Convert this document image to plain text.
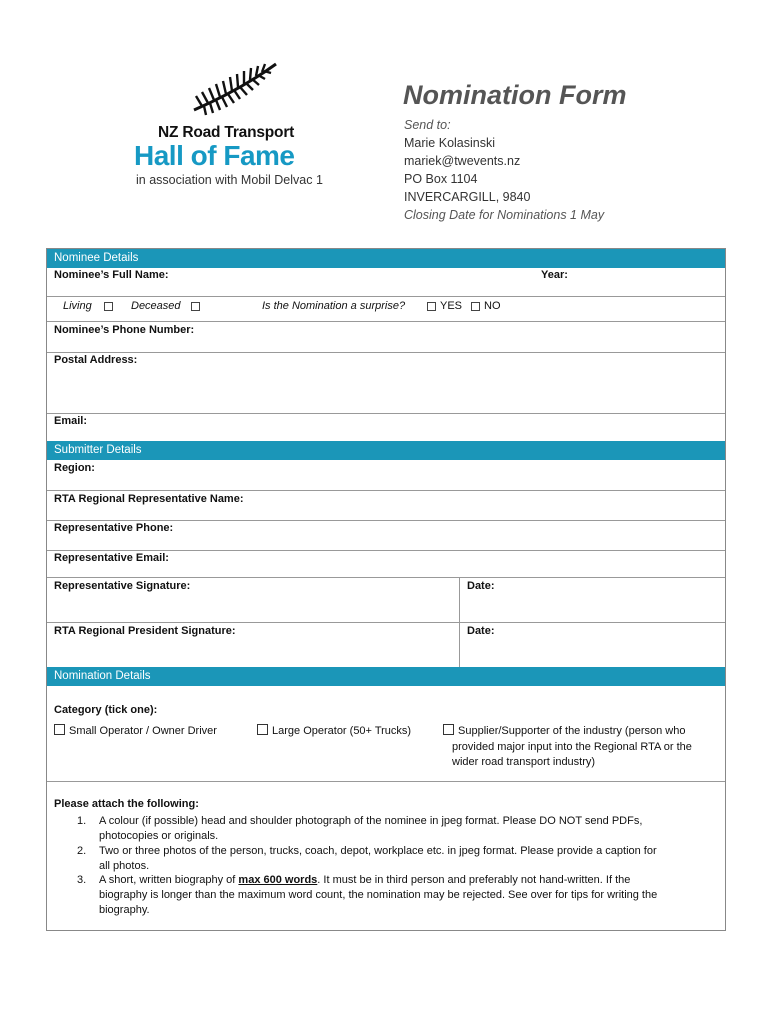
NZ Road Transport
Hall of Fame
in association with Mobil Delvac 1
Nomination Form
Send to:
Marie Kolasinski
mariek@twevents.nz
PO Box 1104
INVERCARGILL, 9840
Closing Date for Nominations 1 May
Nominee Details
Nominee’s Full Name:	Year:
Living	Deceased	Is the Nomination a surprise?	YES	NO
Nominee’s Phone Number:
Postal Address:
Email:
Submitter Details
Region:
RTA Regional Representative Name:
Representative Phone:
Representative Email:
Representative Signature:	Date:
RTA Regional President Signature:	Date:
Nomination Details
Category (tick one):
Small Operator / Owner Driver	Large Operator (50+ Trucks)	Supplier/Supporter of the industry (person who
provided major input into the Regional RTA or the
wider road transport industry)
Please attach the following:
1. A colour (if possible) head and shoulder photograph of the nominee in jpeg format. Please DO NOT send PDFs,
photocopies or originals.
2. Two or three photos of the person, trucks, coach, depot, workplace etc. in jpeg format. Please provide a caption for
all photos.
3. A short, written biography of max 600 words. It must be in third person and preferably not hand-written. If the
biography is longer than the maximum word count, the nomination may be rejected. See over for tips for writing the
biography.
